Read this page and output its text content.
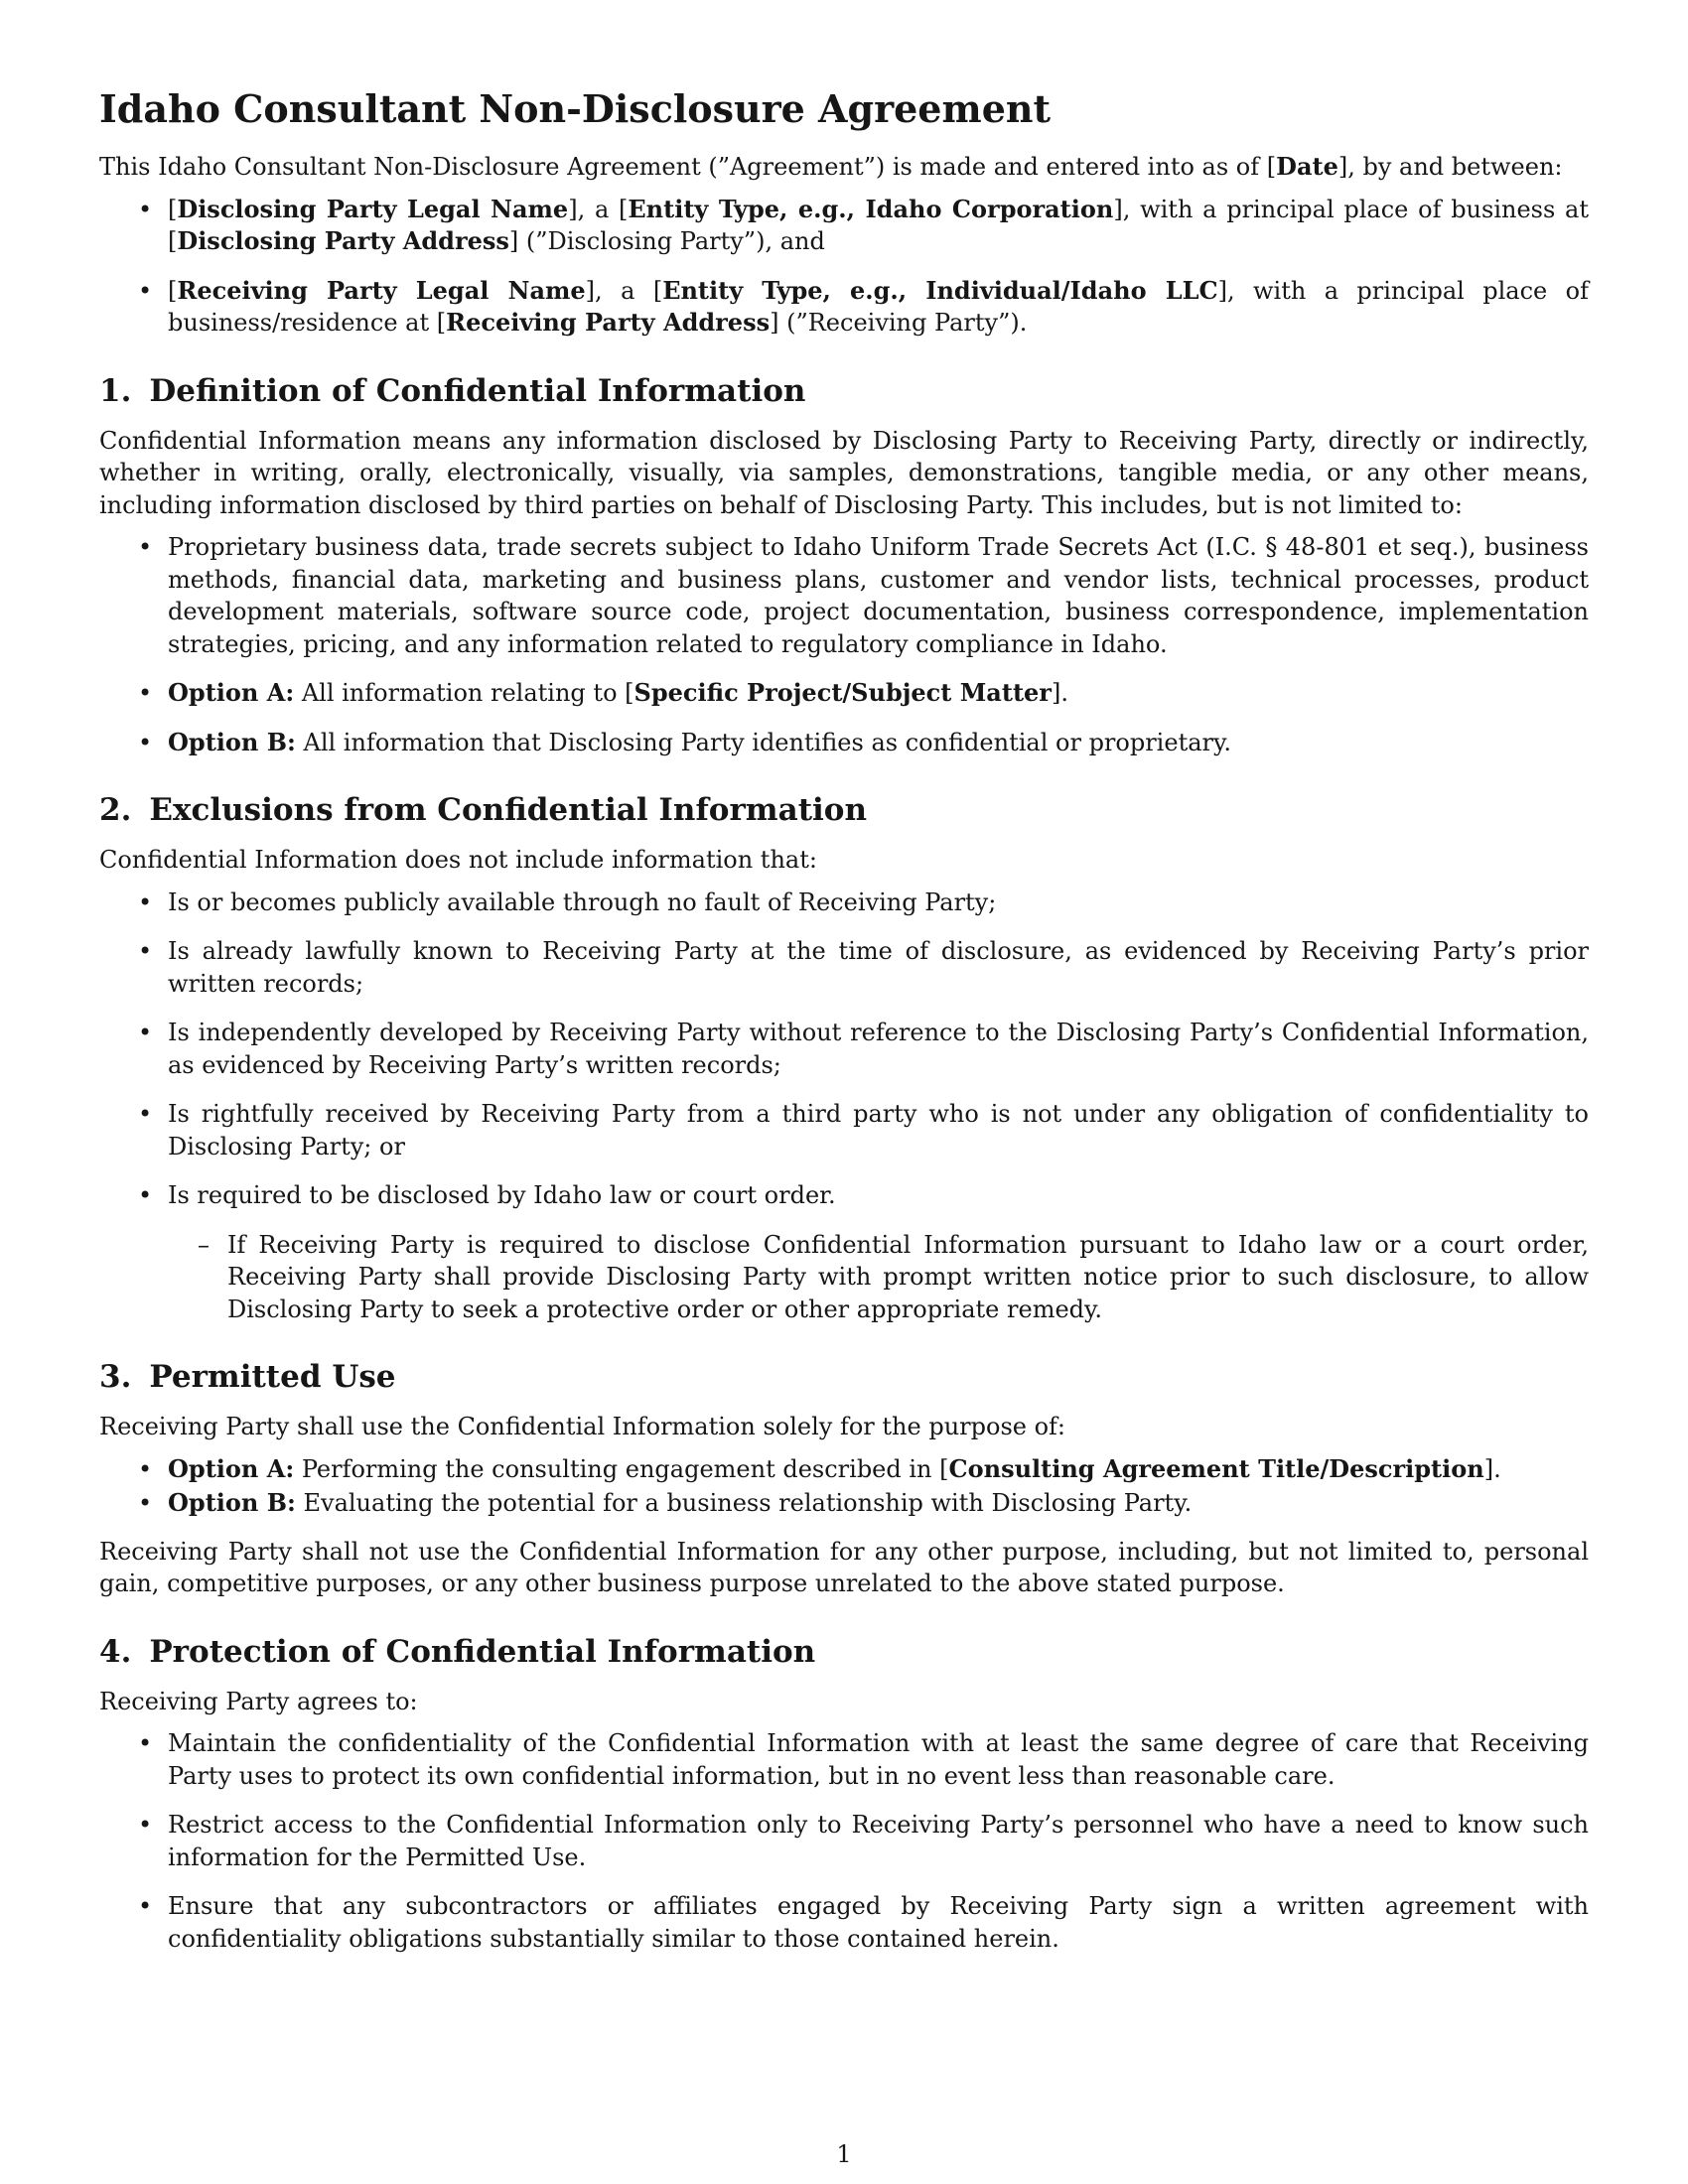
Idaho Consultant Non-Disclosure Agreement

This Idaho Consultant Non-Disclosure Agreement (”Agreement”) is made and entered into as of [Date], by and between:

• [Disclosing Party Legal Name], a [Entity Type, e.g., Idaho Corporation], with a principal place of business at [Disclosing Party Address] (”Disclosing Party”), and
• [Receiving Party Legal Name], a [Entity Type, e.g., Individual/Idaho LLC], with a principal place of business/residence at [Receiving Party Address] (”Receiving Party”).
1. Definition of Confidential Information

Confidential Information means any information disclosed by Disclosing Party to Receiving Party, directly or indirectly, whether in writing, orally, electronically, visually, via samples, demonstrations, tangible media, or any other means, including information disclosed by third parties on behalf of Disclosing Party. This includes, but is not limited to:

• Proprietary business data, trade secrets subject to Idaho Uniform Trade Secrets Act (I.C. § 48-801 et seq.), business methods, financial data, marketing and business plans, customer and vendor lists, technical processes, product development materials, software source code, project documentation, business correspondence, implementation strategies, pricing, and any information related to regulatory compliance in Idaho.
• Option A: All information relating to [Specific Project/Subject Matter].
• Option B: All information that Disclosing Party identifies as confidential or proprietary.
2. Exclusions from Confidential Information

Confidential Information does not include information that:

• Is or becomes publicly available through no fault of Receiving Party;
• Is already lawfully known to Receiving Party at the time of disclosure, as evidenced by Receiving Party’s prior written records;
• Is independently developed by Receiving Party without reference to the Disclosing Party’s Confidential Information, as evidenced by Receiving Party’s written records;
• Is rightfully received by Receiving Party from a third party who is not under any obligation of confidentiality to Disclosing Party; or
• Is required to be disclosed by Idaho law or court order.
– If Receiving Party is required to disclose Confidential Information pursuant to Idaho law or a court order, Receiving Party shall provide Disclosing Party with prompt written notice prior to such disclosure, to allow Disclosing Party to seek a protective order or other appropriate remedy.
3. Permitted Use

Receiving Party shall use the Confidential Information solely for the purpose of:

• Option A: Performing the consulting engagement described in [Consulting Agreement Title/Description].
• Option B: Evaluating the potential for a business relationship with Disclosing Party.

Receiving Party shall not use the Confidential Information for any other purpose, including, but not limited to, personal gain, competitive purposes, or any other business purpose unrelated to the above stated purpose.

4. Protection of Confidential Information

Receiving Party agrees to:

• Maintain the confidentiality of the Confidential Information with at least the same degree of care that Receiving Party uses to protect its own confidential information, but in no event less than reasonable care.
• Restrict access to the Confidential Information only to Receiving Party’s personnel who have a need to know such information for the Permitted Use.
• Ensure that any subcontractors or affiliates engaged by Receiving Party sign a written agreement with confidentiality obligations substantially similar to those contained herein.
1
